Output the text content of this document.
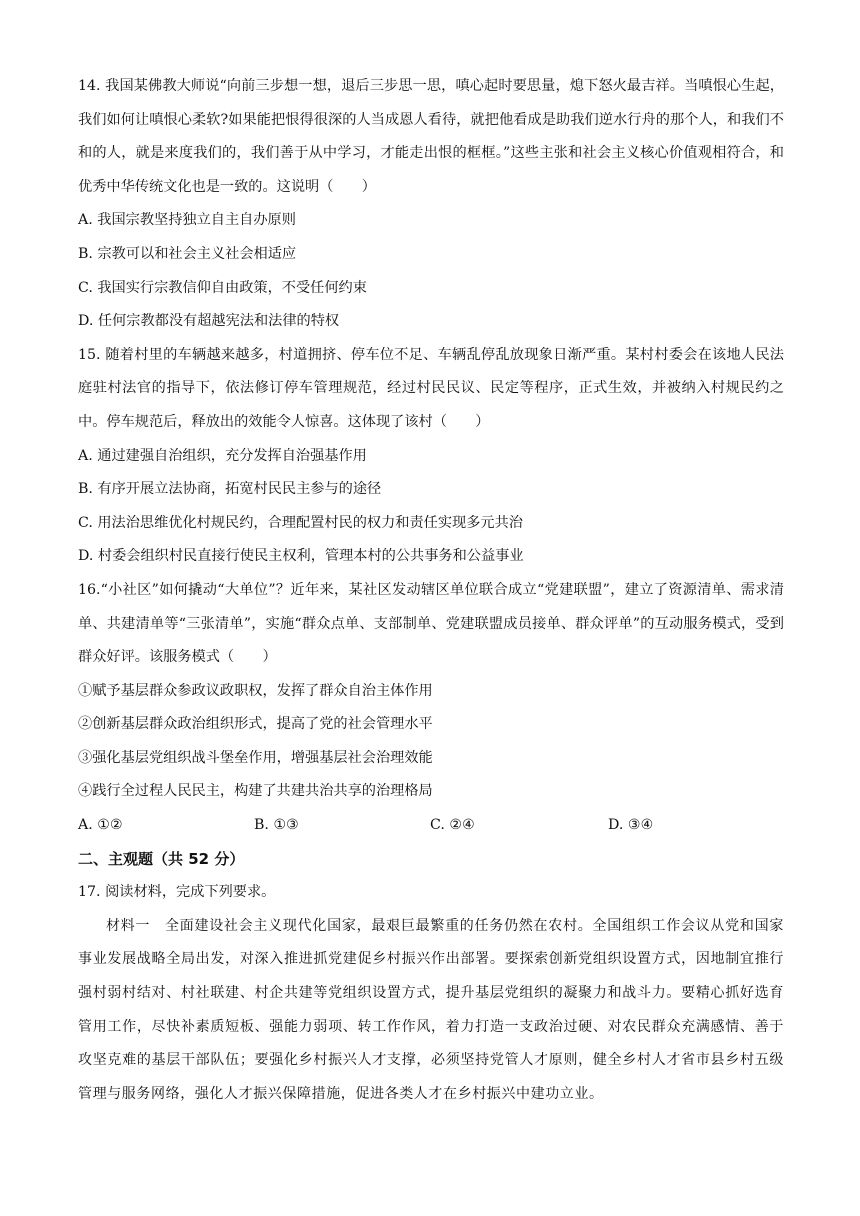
14. 我国某佛教大师说“向前三步想一想，退后三步思一思，嗔心起时要思量，熄下怒火最吉祥。当嗔恨心生起，我们如何让嗔恨心柔软?如果能把恨得很深的人当成恩人看待，就把他看成是助我们逆水行舟的那个人，和我们不和的人，就是来度我们的，我们善于从中学习，才能走出恨的框框。”这些主张和社会主义核心价值观相符合，和优秀中华传统文化也是一致的。这说明（　　）

A. 我国宗教坚持独立自主自办原则

B. 宗教可以和社会主义社会相适应

C. 我国实行宗教信仰自由政策，不受任何约束

D. 任何宗教都没有超越宪法和法律的特权

15. 随着村里的车辆越来越多，村道拥挤、停车位不足、车辆乱停乱放现象日渐严重。某村村委会在该地人民法庭驻村法官的指导下，依法修订停车管理规范，经过村民民议、民定等程序，正式生效，并被纳入村规民约之中。停车规范后，释放出的效能令人惊喜。这体现了该村（　　）

A. 通过建强自治组织，充分发挥自治强基作用

B. 有序开展立法协商，拓宽村民民主参与的途径

C. 用法治思维优化村规民约，合理配置村民的权力和责任实现多元共治

D. 村委会组织村民直接行使民主权利，管理本村的公共事务和公益事业

16.“小社区”如何撬动“大单位”？近年来，某社区发动辖区单位联合成立“党建联盟”，建立了资源清单、需求清单、共建清单等“三张清单”，实施“群众点单、支部制单、党建联盟成员接单、群众评单”的互动服务模式，受到群众好评。该服务模式（　　）

①赋予基层群众参政议政职权，发挥了群众自治主体作用

②创新基层群众政治组织形式，提高了党的社会管理水平

③强化基层党组织战斗堡垒作用，增强基层社会治理效能

④践行全过程人民民主，构建了共建共治共享的治理格局

A. ①②	B. ①③	C. ②④	D. ③④

二、主观题（共 52 分）

17. 阅读材料，完成下列要求。

材料一　全面建设社会主义现代化国家，最艰巨最繁重的任务仍然在农村。全国组织工作会议从党和国家事业发展战略全局出发，对深入推进抓党建促乡村振兴作出部署。要探索创新党组织设置方式，因地制宜推行强村弱村结对、村社联建、村企共建等党组织设置方式，提升基层党组织的凝聚力和战斗力。要精心抓好选育管用工作，尽快补素质短板、强能力弱项、转工作作风，着力打造一支政治过硬、对农民群众充满感情、善于攻坚克难的基层干部队伍；要强化乡村振兴人才支撑，必须坚持党管人才原则，健全乡村人才省市县乡村五级管理与服务网络，强化人才振兴保障措施，促进各类人才在乡村振兴中建功立业。
